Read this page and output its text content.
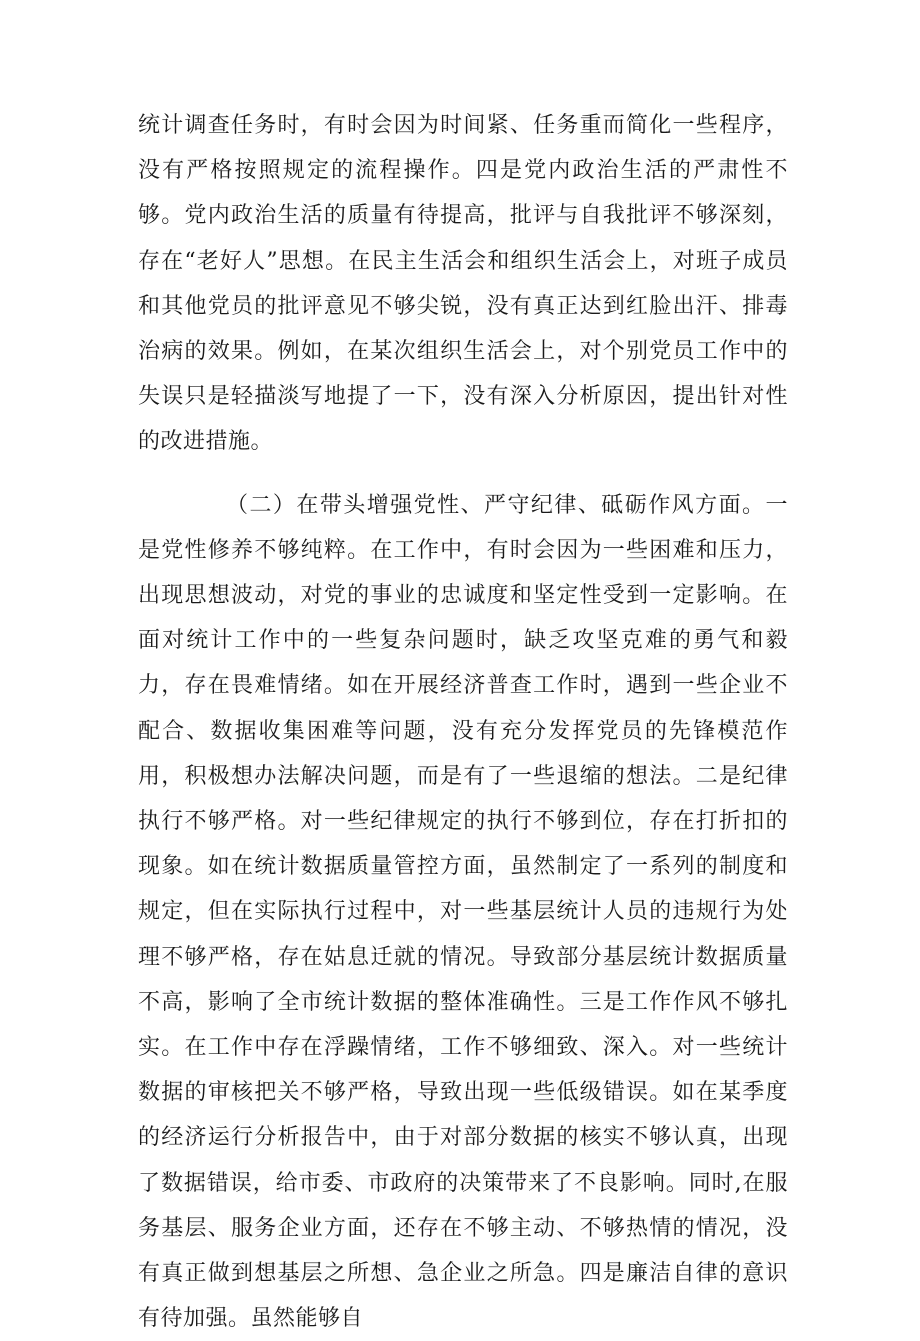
统计调查任务时，有时会因为时间紧、任务重而简化一些程序，没有严格按照规定的流程操作。四是党内政治生活的严肃性不够。党内政治生活的质量有待提高，批评与自我批评不够深刻，存在“老好人”思想。在民主生活会和组织生活会上，对班子成员和其他党员的批评意见不够尖锐，没有真正达到红脸出汗、排毒治病的效果。例如，在某次组织生活会上，对个别党员工作中的失误只是轻描淡写地提了一下，没有深入分析原因，提出针对性的改进措施。

（二）在带头增强党性、严守纪律、砥砺作风方面。一是党性修养不够纯粹。在工作中，有时会因为一些困难和压力，出现思想波动，对党的事业的忠诚度和坚定性受到一定影响。在面对统计工作中的一些复杂问题时，缺乏攻坚克难的勇气和毅力，存在畏难情绪。如在开展经济普查工作时，遇到一些企业不配合、数据收集困难等问题，没有充分发挥党员的先锋模范作用，积极想办法解决问题，而是有了一些退缩的想法。二是纪律执行不够严格。对一些纪律规定的执行不够到位，存在打折扣的现象。如在统计数据质量管控方面，虽然制定了一系列的制度和规定，但在实际执行过程中，对一些基层统计人员的违规行为处理不够严格，存在姑息迁就的情况。导致部分基层统计数据质量不高，影响了全市统计数据的整体准确性。三是工作作风不够扎实。在工作中存在浮躁情绪，工作不够细致、深入。对一些统计数据的审核把关不够严格，导致出现一些低级错误。如在某季度的经济运行分析报告中，由于对部分数据的核实不够认真，出现了数据错误，给市委、市政府的决策带来了不良影响。同时,在服务基层、服务企业方面，还存在不够主动、不够热情的情况，没有真正做到想基层之所想、急企业之所急。四是廉洁自律的意识有待加强。虽然能够自
